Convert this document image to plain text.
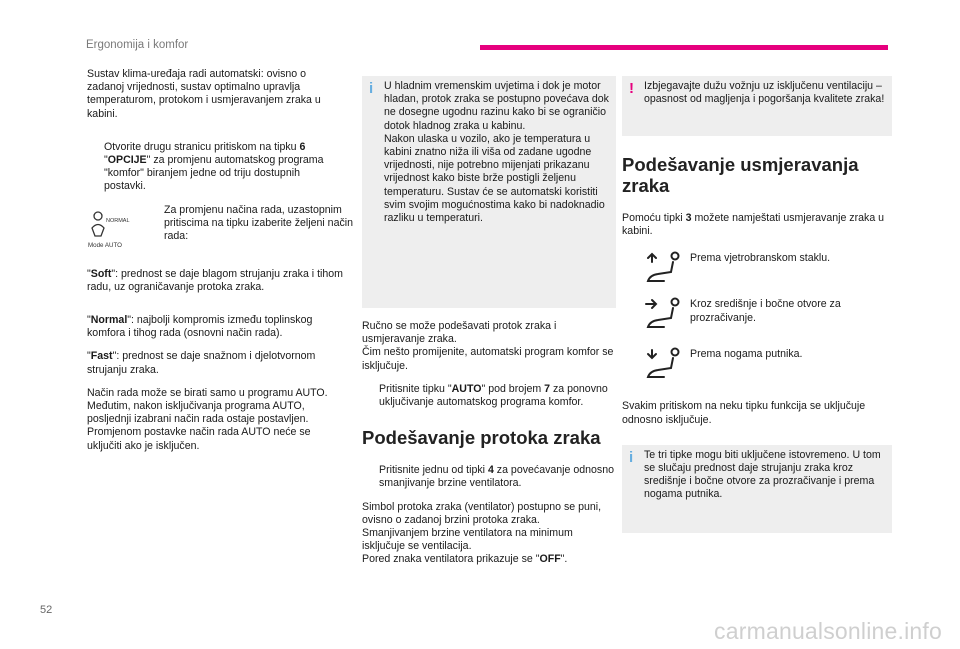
Ergonomija i komfor

Sustav klima-uređaja radi automatski: ovisno o zadanoj vrijednosti, sustav optimalno upravlja temperaturom, protokom i usmjeravanjem zraka u kabini.

Otvorite drugu stranicu pritiskom na tipku 6 "OPCIJE" za promjenu automatskog programa "komfor" biranjem jedne od triju dostupnih postavki.
NORMAL
Mode AUTO
Za promjenu načina rada, uzastopnim pritiscima na tipku izaberite željeni način rada:

"Soft": prednost se daje blagom strujanju zraka i tihom radu, uz ograničavanje protoka zraka.

"Normal": najbolji kompromis između toplinskog komfora i tihog rada (osnovni način rada).

"Fast": prednost se daje snažnom i djelotvornom strujanju zraka.

Način rada može se birati samo u programu AUTO. Međutim, nakon isključivanja programa AUTO, posljednji izabrani način rada ostaje postavljen.
Promjenom postavke način rada AUTO neće se uključiti ako je isključen.

i U hladnim vremenskim uvjetima i dok je motor hladan, protok zraka se postupno povećava dok ne dosegne ugodnu razinu kako bi se ograničio dotok hladnog zraka u kabinu.
Nakon ulaska u vozilo, ako je temperatura u kabini znatno niža ili viša od zadane ugodne vrijednosti, nije potrebno mijenjati prikazanu vrijednost kako biste brže postigli željenu temperaturu. Sustav će se automatski koristiti svim svojim mogućnostima kako bi nadoknadio razliku u temperaturi.

Ručno se može podešavati protok zraka i usmjeravanje zraka.
Čim nešto promijenite, automatski program komfor se isključuje.

Pritisnite tipku "AUTO" pod brojem 7 za ponovno uključivanje automatskog programa komfor.
Podešavanje protoka zraka
Pritisnite jednu od tipki 4 za povećavanje odnosno smanjivanje brzine ventilatora.

Simbol protoka zraka (ventilator) postupno se puni, ovisno o zadanoj brzini protoka zraka.
Smanjivanjem brzine ventilatora na minimum isključuje se ventilacija.
Pored znaka ventilatora prikazuje se "OFF".

! Izbjegavajte dužu vožnju uz isključenu ventilaciju – opasnost od magljenja i pogoršanja kvalitete zraka!
Podešavanje usmjeravanja zraka

Pomoću tipki 3 možete namještati usmjeravanje zraka u kabini.

Prema vjetrobranskom staklu.
Kroz središnje i bočne otvore za prozračivanje.
Prema nogama putnika.

Svakim pritiskom na neku tipku funkcija se uključuje odnosno isključuje.

i Te tri tipke mogu biti uključene istovremeno. U tom se slučaju prednost daje strujanju zraka kroz središnje i bočne otvore za prozračivanje i prema nogama putnika.
52
carmanualsonline.info
